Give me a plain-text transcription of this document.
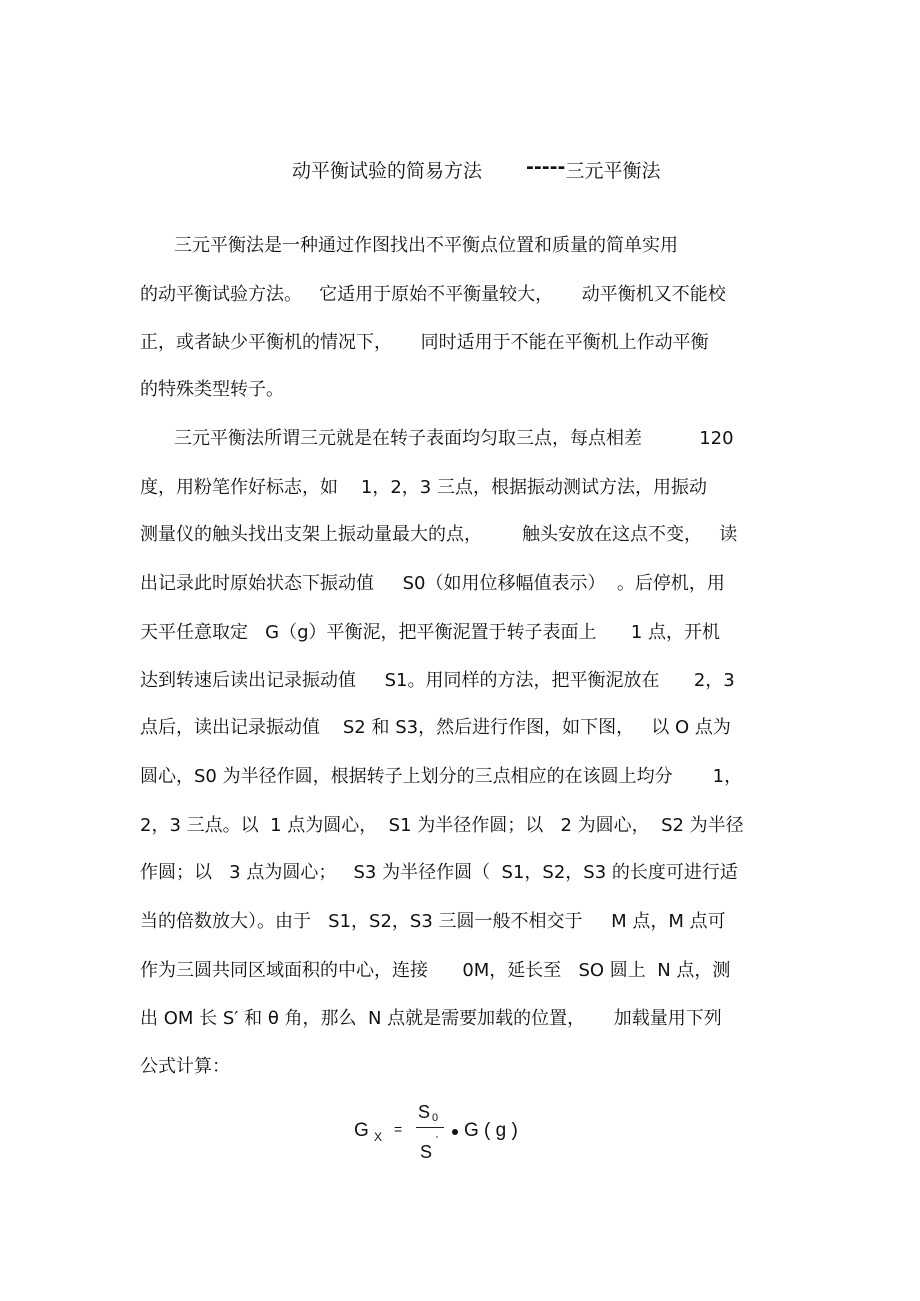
动平衡试验的简易方法 ----- 三元平衡法
三元平衡法是一种通过作图找出不平衡点位置和质量的简单实用
的动平衡试验方法。   它适用于原始不平衡量较大，     动平衡机又不能校
正，或者缺少平衡机的情况下，     同时适用于不能在平衡机上作动平衡
的特殊类型转子。
三元平衡法所谓三元就是在转子表面均匀取三点，每点相差          120
度，用粉笔作好标志，如    1，2，3 三点，根据振动测试方法，用振动
测量仪的触头找出支架上振动量最大的点，       触头安放在这点不变，   读
出记录此时原始状态下振动值     S0（如用位移幅值表示）  。后停机，用
天平任意取定   G（g）平衡泥，把平衡泥置于转子表面上      1 点，开机
达到转速后读出记录振动值     S1。用同样的方法，把平衡泥放在      2，3
点后，读出记录振动值    S2 和 S3，然后进行作图，如下图，   以 O 点为
圆心，S0 为半径作圆，根据转子上划分的三点相应的在该圆上均分       1，
2，3 三点。以  1 点为圆心，  S1 为半径作圆；以   2 为圆心，  S2 为半径
作圆；以   3 点为圆心；   S3 为半径作圆（  S1，S2，S3 的长度可进行适
当的倍数放大）。由于   S1，S2，S3 三圆一般不相交于     M 点，M 点可
作为三圆共同区域面积的中心，连接      0M，延长至   SO 圆上  N 点，测
出 OM 长 S′ 和 θ 角，那么  N 点就是需要加载的位置，     加载量用下列
公式计算：
G X =
S 0
S
' G ( g )
